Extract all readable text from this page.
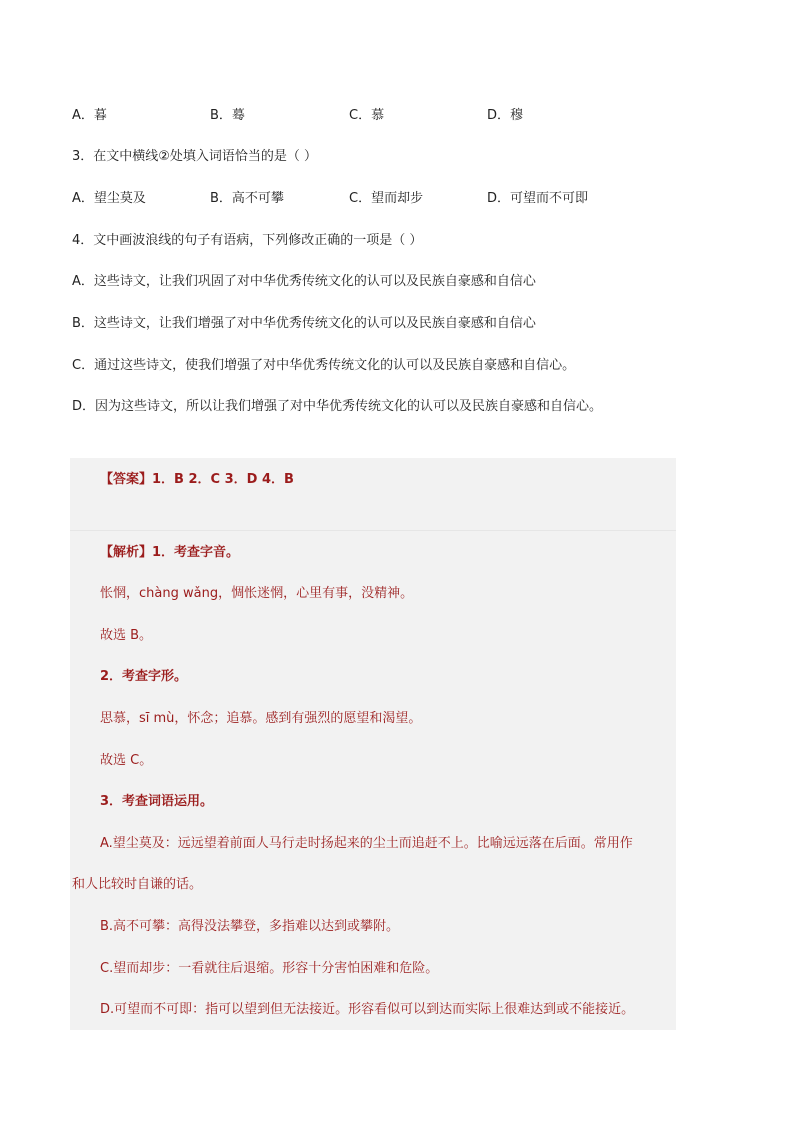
A．暮	B．蓦	C．慕	D．穆
3．在文中横线②处填入词语恰当的是（ ）
A．望尘莫及	B．高不可攀	C．望而却步	D．可望而不可即
4．文中画波浪线的句子有语病，下列修改正确的一项是（ ）
A．这些诗文，让我们巩固了对中华优秀传统文化的认可以及民族自豪感和自信心
B．这些诗文，让我们增强了对中华优秀传统文化的认可以及民族自豪感和自信心
C．通过这些诗文，使我们增强了对中华优秀传统文化的认可以及民族自豪感和自信心。
D．因为这些诗文，所以让我们增强了对中华优秀传统文化的认可以及民族自豪感和自信心。
【答案】1．B 2．C 3．D 4．B
【解析】1．考查字音。
怅惘，chàng wǎng，惆怅迷惘，心里有事，没精神。
故选 B。
2．考查字形。
思慕，sī mù，怀念；追慕。感到有强烈的愿望和渴望。
故选 C。
3．考查词语运用。
A.望尘莫及：远远望着前面人马行走时扬起来的尘土而追赶不上。比喻远远落在后面。常用作
和人比较时自谦的话。
B.高不可攀：高得没法攀登，多指难以达到或攀附。
C.望而却步：一看就往后退缩。形容十分害怕困难和危险。
D.可望而不可即：指可以望到但无法接近。形容看似可以到达而实际上很难达到或不能接近。
